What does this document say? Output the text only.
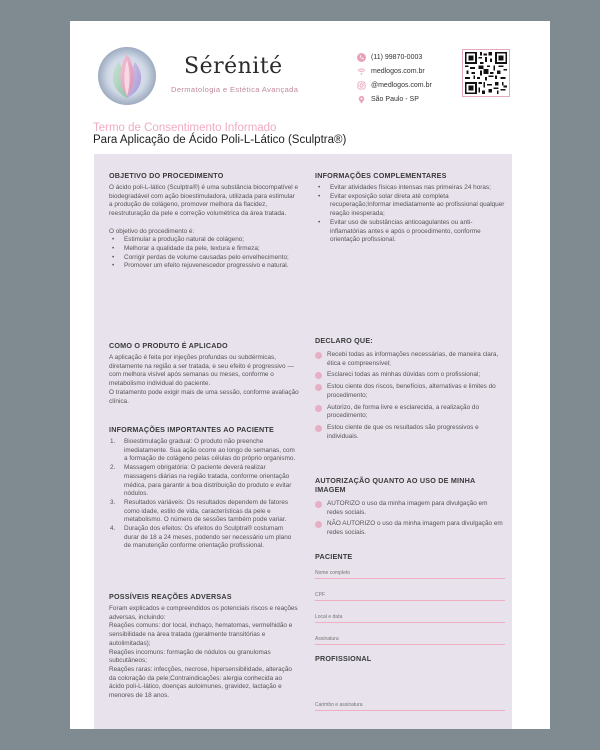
Sérénité
Dermatologia e Estética Avançada
(11) 99870-0003
medlogos.com.br
@medlogos.com.br
São Paulo - SP
Termo de Consentimento Informado
Para Aplicação de Ácido Poli-L-Lático (Sculptra®)
OBJETIVO DO PROCEDIMENTO
O ácido poli-L-lático (Sculptra®) é uma substância biocompatível e biodegradável com ação bioestimuladora, utilizada para estimular a produção de colágeno, promover melhora da flacidez, reestruturação da pele e correção volumétrica da área tratada.
O objetivo do procedimento é:
• Estimular a produção natural de colágeno;
• Melhorar a qualidade da pele, textura e firmeza;
• Corrigir perdas de volume causadas pelo envelhecimento;
• Promover um efeito rejuvenescedor progressivo e natural.
COMO O PRODUTO É APLICADO
A aplicação é feita por injeções profundas ou subdérmicas, diretamente na região a ser tratada, e seu efeito é progressivo — com melhora visível após semanas ou meses, conforme o metabolismo individual do paciente.
O tratamento pode exigir mais de uma sessão, conforme avaliação clínica.
INFORMAÇÕES IMPORTANTES AO PACIENTE
1. Bioestimulação gradual: O produto não preenche imediatamente. Sua ação ocorre ao longo de semanas, com a formação de colágeno pelas células do próprio organismo.
2. Massagem obrigatória: O paciente deverá realizar massagens diárias na região tratada, conforme orientação médica, para garantir a boa distribuição do produto e evitar nódulos.
3. Resultados variáveis: Os resultados dependem de fatores como idade, estilo de vida, características da pele e metabolismo. O número de sessões também pode variar.
4. Duração dos efeitos: Os efeitos do Sculptra® costumam durar de 18 a 24 meses, podendo ser necessário um plano de manutenção conforme orientação profissional.
POSSÍVEIS REAÇÕES ADVERSAS
Foram explicados e compreendidos os potenciais riscos e reações adversas, incluindo:
Reações comuns: dor local, inchaço, hematomas, vermelhidão e sensibilidade na área tratada (geralmente transitórias e autolimitadas);
Reações incomuns: formação de nódulos ou granulomas subcutâneos;
Reações raras: infecções, necrose, hipersensibilidade, alteração da coloração da pele;Contraindicações: alergia conhecida ao ácido poli-L-lático, doenças autoimunes, gravidez, lactação e menores de 18 anos.
INFORMAÇÕES COMPLEMENTARES
• Evitar atividades físicas intensas nas primeiras 24 horas;
• Evitar exposição solar direta até completa recuperação;Informar imediatamente ao profissional qualquer reação inesperada;
• Evitar uso de substâncias anticoagulantes ou anti-inflamatórias antes e após o procedimento, conforme orientação profissional.
DECLARO QUE:
Recebi todas as informações necessárias, de maneira clara, ética e compreensível;
Esclareci todas as minhas dúvidas com o profissional;
Estou ciente dos riscos, benefícios, alternativas e limites do procedimento;
Autorizo, de forma livre e esclarecida, a realização do procedimento;
Estou ciente de que os resultados são progressivos e individuais.
AUTORIZAÇÃO QUANTO AO USO DE MINHA IMAGEM
AUTORIZO o uso da minha imagem para divulgação em redes sociais.
NÃO AUTORIZO o uso da minha imagem para divulgação em redes sociais.
PACIENTE
Nome completo
CPF
Local e data
Assinatura
PROFISSIONAL
Carimbo e assinatura
